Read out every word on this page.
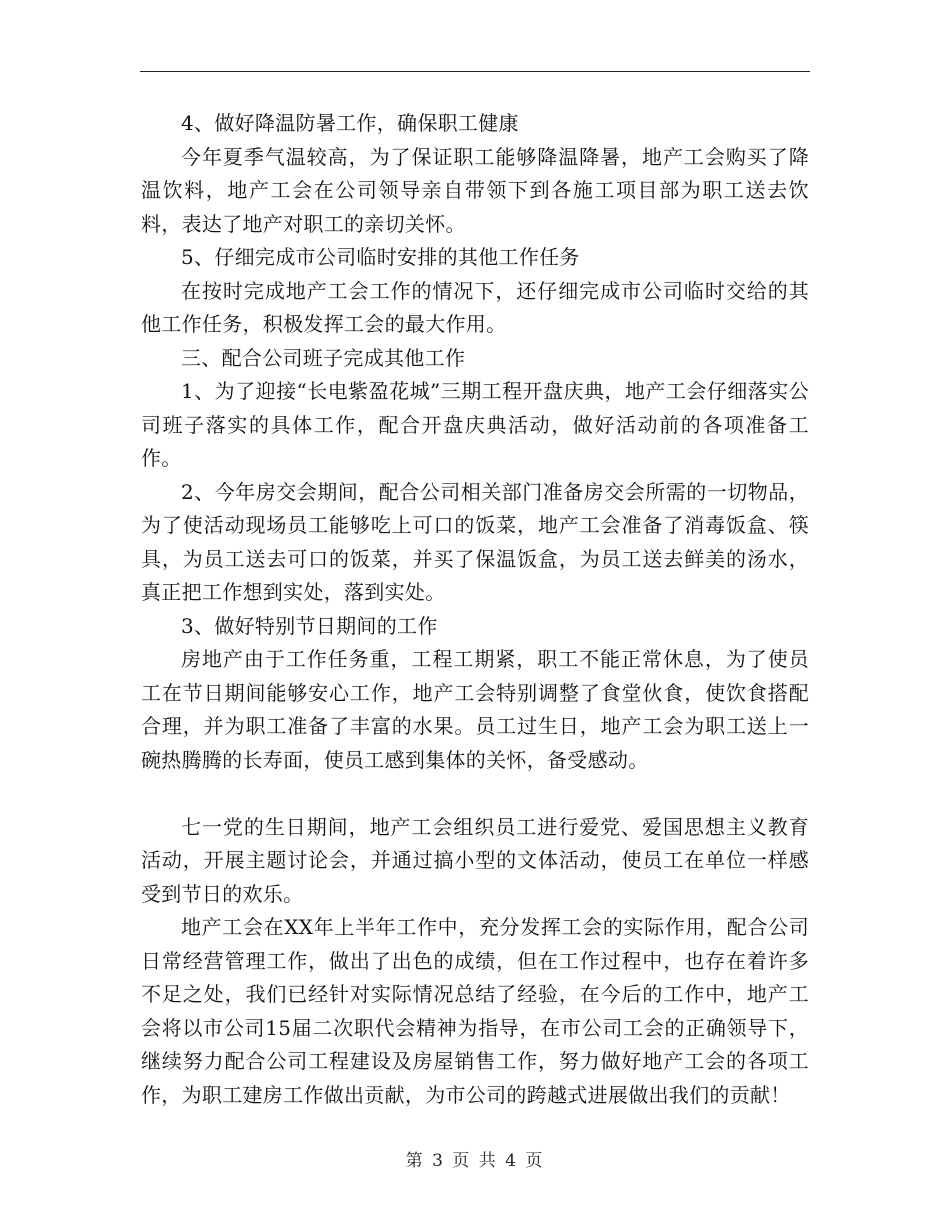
4、做好降温防暑工作，确保职工健康

今年夏季气温较高，为了保证职工能够降温降暑，地产工会购买了降温饮料，地产工会在公司领导亲自带领下到各施工项目部为职工送去饮料，表达了地产对职工的亲切关怀。

5、仔细完成市公司临时安排的其他工作任务

在按时完成地产工会工作的情况下，还仔细完成市公司临时交给的其他工作任务，积极发挥工会的最大作用。

三、配合公司班子完成其他工作

1、为了迎接“长电紫盈花城”三期工程开盘庆典，地产工会仔细落实公司班子落实的具体工作，配合开盘庆典活动，做好活动前的各项准备工作。

2、今年房交会期间，配合公司相关部门准备房交会所需的一切物品，为了使活动现场员工能够吃上可口的饭菜，地产工会准备了消毒饭盒、筷具，为员工送去可口的饭菜，并买了保温饭盒，为员工送去鲜美的汤水，真正把工作想到实处，落到实处。

3、做好特别节日期间的工作

房地产由于工作任务重，工程工期紧，职工不能正常休息，为了使员工在节日期间能够安心工作，地产工会特别调整了食堂伙食，使饮食搭配合理，并为职工准备了丰富的水果。员工过生日，地产工会为职工送上一碗热腾腾的长寿面，使员工感到集体的关怀，备受感动。

七一党的生日期间，地产工会组织员工进行爱党、爱国思想主义教育活动，开展主题讨论会，并通过搞小型的文体活动，使员工在单位一样感受到节日的欢乐。

地产工会在XX年上半年工作中，充分发挥工会的实际作用，配合公司日常经营管理工作，做出了出色的成绩，但在工作过程中，也存在着许多不足之处，我们已经针对实际情况总结了经验，在今后的工作中，地产工会将以市公司15届二次职代会精神为指导，在市公司工会的正确领导下，继续努力配合公司工程建设及房屋销售工作，努力做好地产工会的各项工作，为职工建房工作做出贡献，为市公司的跨越式进展做出我们的贡献！

第 3 页 共 4 页
